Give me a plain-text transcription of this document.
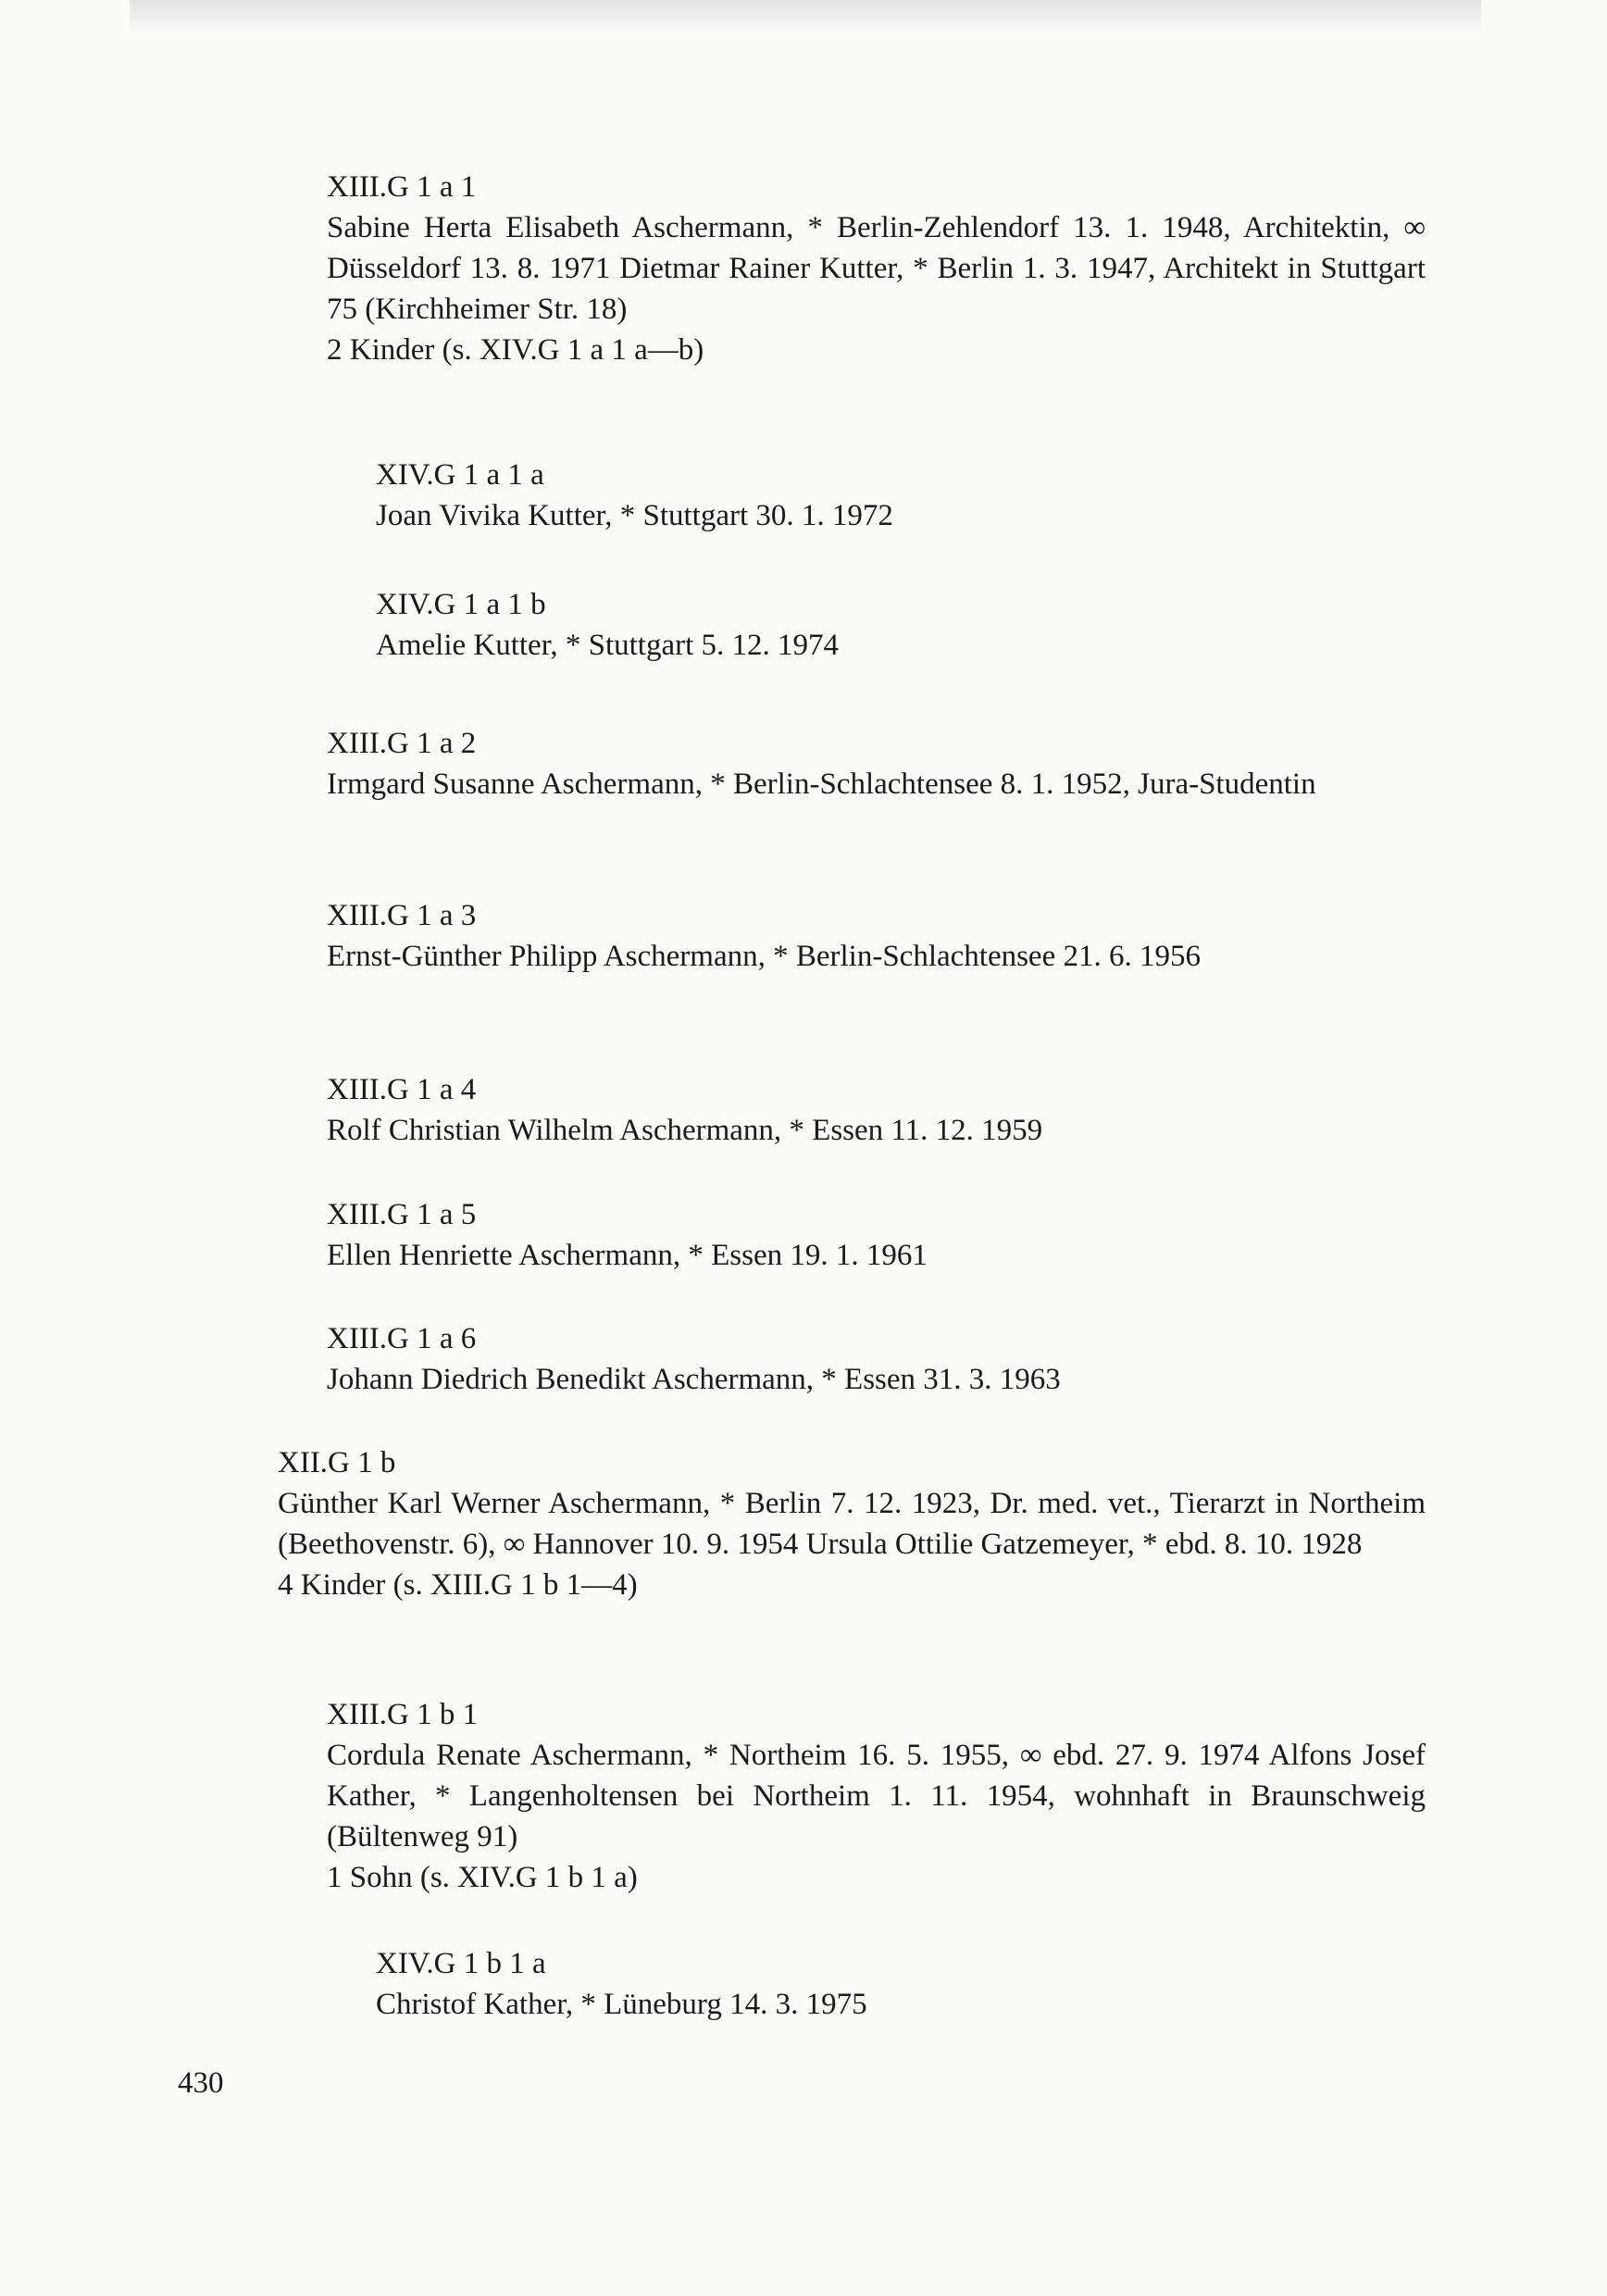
XIII.G 1 a 1
Sabine Herta Elisabeth Aschermann, * Berlin-Zehlendorf 13. 1. 1948, Architektin, ∞ Düsseldorf 13. 8. 1971 Dietmar Rainer Kutter, * Berlin 1. 3. 1947, Architekt in Stuttgart 75 (Kirchheimer Str. 18)
2 Kinder (s. XIV.G 1 a 1 a—b)
XIV.G 1 a 1 a
Joan Vivika Kutter, * Stuttgart 30. 1. 1972
XIV.G 1 a 1 b
Amelie Kutter, * Stuttgart 5. 12. 1974
XIII.G 1 a 2
Irmgard Susanne Aschermann, * Berlin-Schlachtensee 8. 1. 1952, Jura-Studentin
XIII.G 1 a 3
Ernst-Günther Philipp Aschermann, * Berlin-Schlachtensee 21. 6. 1956
XIII.G 1 a 4
Rolf Christian Wilhelm Aschermann, * Essen 11. 12. 1959
XIII.G 1 a 5
Ellen Henriette Aschermann, * Essen 19. 1. 1961
XIII.G 1 a 6
Johann Diedrich Benedikt Aschermann, * Essen 31. 3. 1963
XII.G 1 b
Günther Karl Werner Aschermann, * Berlin 7. 12. 1923, Dr. med. vet., Tierarzt in Northeim (Beethovenstr. 6), ∞ Hannover 10. 9. 1954 Ursula Ottilie Gatzemeyer, * ebd. 8. 10. 1928
4 Kinder (s. XIII.G 1 b 1—4)
XIII.G 1 b 1
Cordula Renate Aschermann, * Northeim 16. 5. 1955, ∞ ebd. 27. 9. 1974 Alfons Josef Kather, * Langenholtensen bei Northeim 1. 11. 1954, wohnhaft in Braunschweig (Bültenweg 91)
1 Sohn (s. XIV.G 1 b 1 a)
XIV.G 1 b 1 a
Christof Kather, * Lüneburg 14. 3. 1975
430
